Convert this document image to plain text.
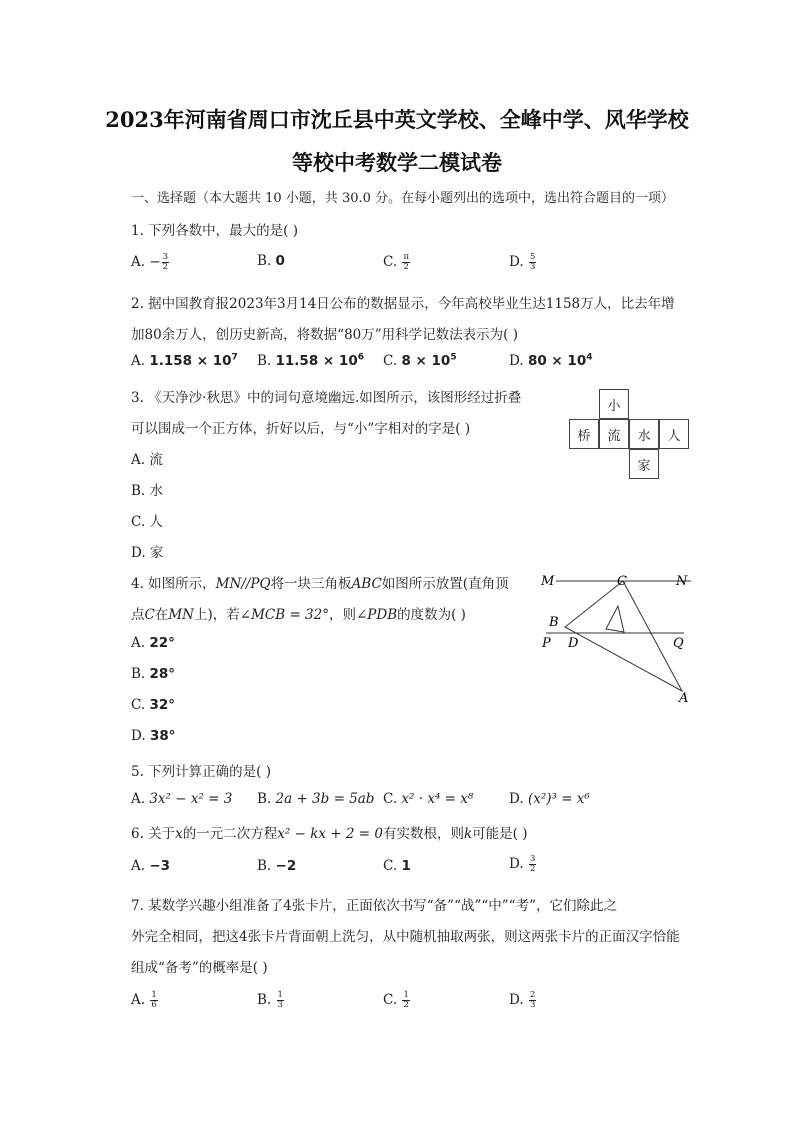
2023年河南省周口市沈丘县中英文学校、全峰中学、风华学校
等校中考数学二模试卷
一、选择题（本大题共 10 小题，共 30.0 分。在每小题列出的选项中，选出符合题目的一项）
1. 下列各数中，最大的是( )
A. − $\frac{3}{2}$	B. 0	C. $\frac{\pi}{2}$	D. $\frac{5}{3}$
2. 据中国教育报2023年3月14日公布的数据显示，今年高校毕业生达1158万人，比去年增
加80余万人，创历史新高，将数据“80万”用科学记数法表示为( )
A. $1.158 \times 10^7$ B. $11.58 \times 10^6$ C. $8 \times 10^5$	D. $80 \times 10^4$
3. 《天净沙·秋思》中的词句意境幽远.如图所示，该图形经过折叠
可以围成一个正方体，折好以后，与“小”字相对的字是( )
A. 流
B. 水
C. 人
D. 家
小
桥	流	水	人
家
4. 如图所示，MN//PQ将一块三角板ABC如图所示放置(直角顶
点C在MN上)，若∠MCB = 32°，则∠PDB的度数为( )
A. 22°
B. 28°
C. 32°
D. 38°
M	C	N
B
P D	Q
A
5. 下列计算正确的是( )
A. 3x² − x² = 3 B. 2a + 3b = 5ab C. x² · x⁴ = x⁸	D. (x²)³ = x⁶
6. 关于x的一元二次方程x² − kx + 2 = 0有实数根，则k可能是( )
A. −3	B. −2	C. 1	D. $\frac{3}{2}$
7. 某数学兴趣小组准备了4张卡片，正面依次书写“备”“战”“中”“考”，它们除此之
外完全相同，把这4张卡片背面朝上洗匀，从中随机抽取两张，则这两张卡片的正面汉字恰能
组成“备考”的概率是( )
A. $\frac{1}{6}$	B. $\frac{1}{3}$	C. $\frac{1}{2}$	D. $\frac{2}{3}$
